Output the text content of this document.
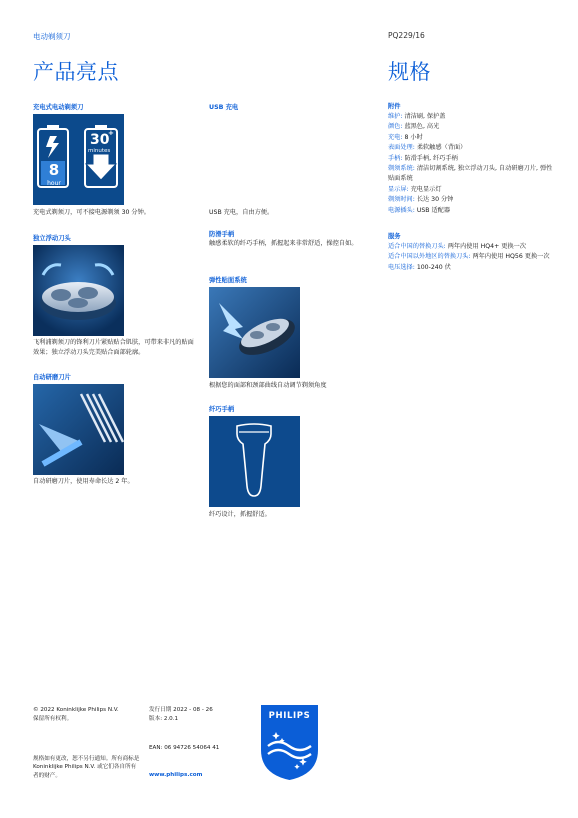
电动剃须刀	PQ229/16
产品亮点	规格
充电式电动剃须刀
8
hour
30
+
minutes
充电式剃须刀，可不接电源剃须 30 分钟。
独立浮动刀头
飞利浦剃须刀的锋利刀片紧贴贴合肌肤，可带来非凡的贴面效果；独立浮动刀头完美贴合面部轮廓。
自动研磨刀片
自动研磨刀片，使用寿命长达 2 年。
USB 充电
USB 充电，自由方便。
防滑手柄
触感柔软的纤巧手柄，抓握起来非常舒适，操控自如。
弹性贴面系统
根据您的面部和颈部曲线自动调节剃须角度
纤巧手柄
纤巧设计，抓握舒适。
附件
维护: 清洁刷, 保护盖
颜色: 蓝黑色, 高光
充电: 8 小时
表面处理: 柔软触感（背面）
手柄: 防滑手柄, 纤巧手柄
剃须系统: 清洁切割系统, 独立浮动刀头, 自动研磨刀片, 弹性贴面系统
显示屏: 充电显示灯
剃须时间: 长达 30 分钟
电源插头: USB 适配器
服务
适合中国的替换刀头: 两年内使用 HQ4+ 更换一次
适合中国以外地区的替换刀头: 两年内使用 HQ56 更换一次
电压选择: 100-240 伏
© 2022 Koninklijke Philips N.V.
保留所有权利。
规格如有更改，恕不另行通知。所有商标是 Koninklijke Philips N.V. 或它们各自所有者的财产。
发行日期 2022 - 08 - 26
版本: 2.0.1
EAN: 06 94726 54064 41
www.philips.com
PHILIPS
